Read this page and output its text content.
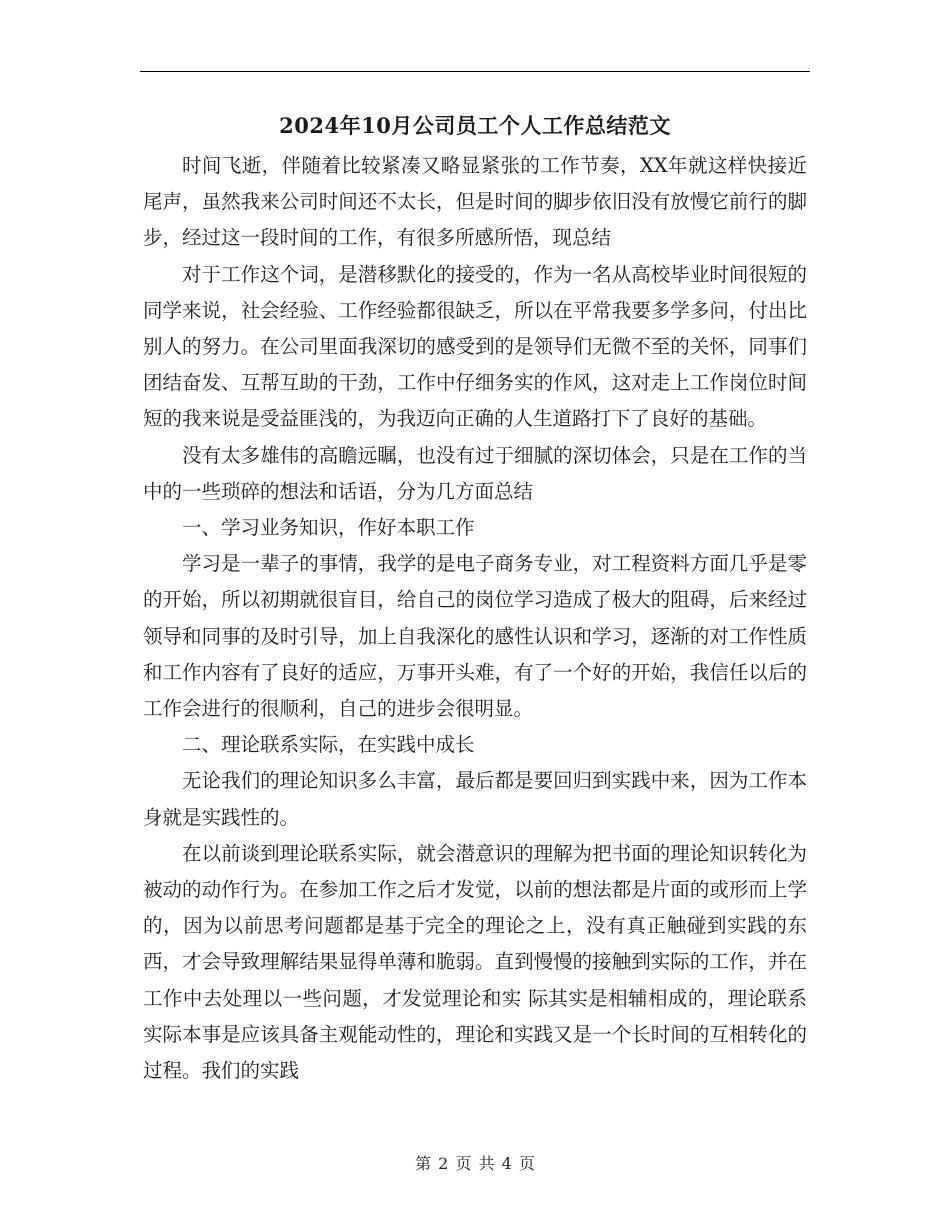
2024年10月公司员工个人工作总结范文

时间飞逝，伴随着比较紧凑又略显紧张的工作节奏，XX年就这样快接近尾声，虽然我来公司时间还不太长，但是时间的脚步依旧没有放慢它前行的脚步，经过这一段时间的工作，有很多所感所悟，现总结

对于工作这个词，是潜移默化的接受的，作为一名从高校毕业时间很短的同学来说，社会经验、工作经验都很缺乏，所以在平常我要多学多问，付出比别人的努力。在公司里面我深切的感受到的是领导们无微不至的关怀，同事们团结奋发、互帮互助的干劲，工作中仔细务实的作风，这对走上工作岗位时间短的我来说是受益匪浅的，为我迈向正确的人生道路打下了良好的基础。

没有太多雄伟的高瞻远瞩，也没有过于细腻的深切体会，只是在工作的当中的一些琐碎的想法和话语，分为几方面总结

一、学习业务知识，作好本职工作

学习是一辈子的事情，我学的是电子商务专业，对工程资料方面几乎是零的开始，所以初期就很盲目，给自己的岗位学习造成了极大的阻碍，后来经过领导和同事的及时引导，加上自我深化的感性认识和学习，逐渐的对工作性质和工作内容有了良好的适应，万事开头难，有了一个好的开始，我信任以后的工作会进行的很顺利，自己的进步会很明显。

二、理论联系实际，在实践中成长

无论我们的理论知识多么丰富，最后都是要回归到实践中来，因为工作本身就是实践性的。

在以前谈到理论联系实际，就会潜意识的理解为把书面的理论知识转化为被动的动作行为。在参加工作之后才发觉，以前的想法都是片面的或形而上学的，因为以前思考问题都是基于完全的理论之上，没有真正触碰到实践的东西，才会导致理解结果显得单薄和脆弱。直到慢慢的接触到实际的工作，并在工作中去处理以一些问题，才发觉理论和实 际其实是相辅相成的，理论联系实际本事是应该具备主观能动性的，理论和实践又是一个长时间的互相转化的过程。我们的实践

第 2 页 共 4 页
